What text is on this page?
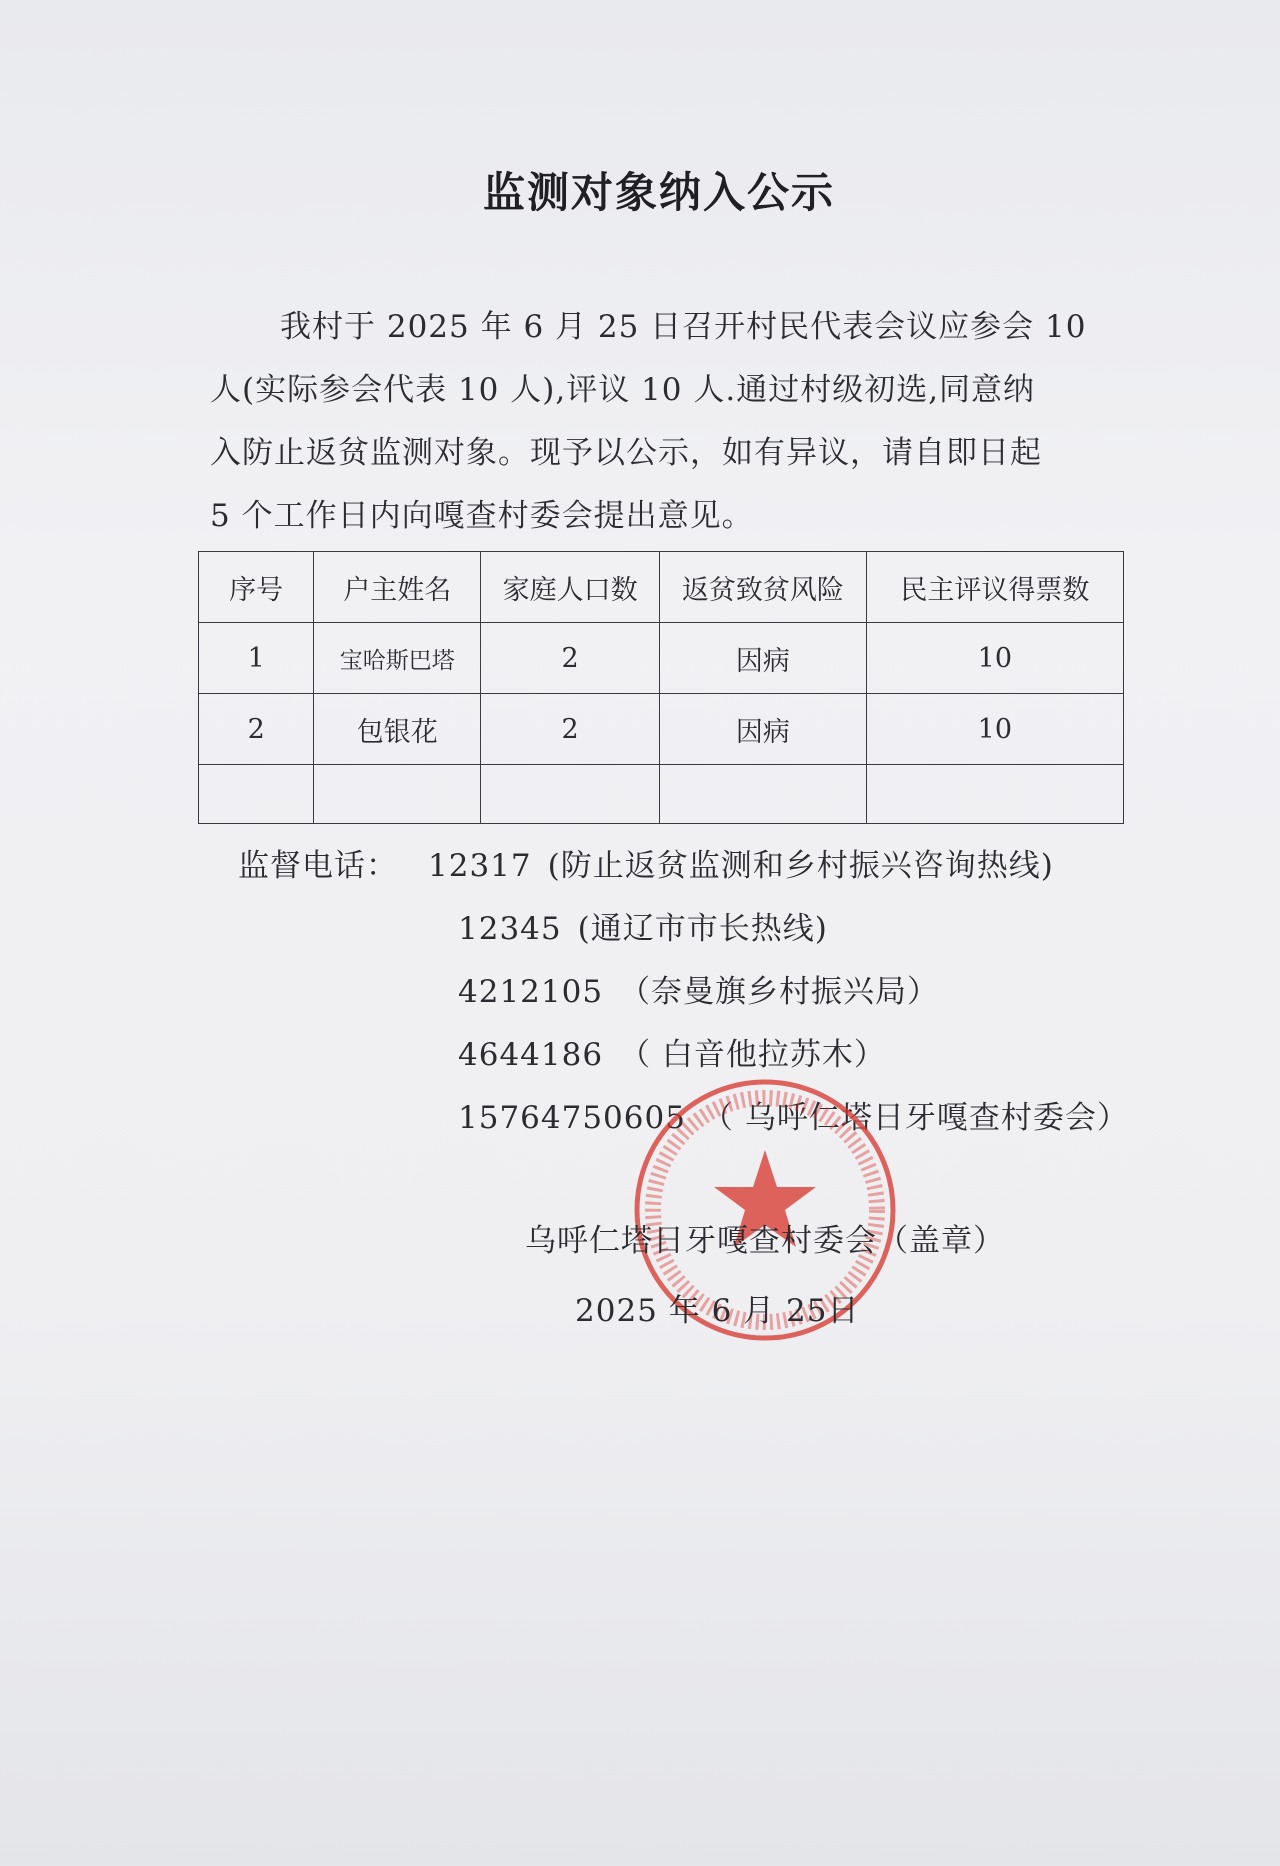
监测对象纳入公示

我村于 2025 年 6 月 25 日召开村民代表会议应参会 10

人(实际参会代表 10 人),评议 10 人.通过村级初选,同意纳

入防止返贫监测对象。现予以公示，如有异议，请自即日起

5 个工作日内向嘎查村委会提出意见。

序号	户主姓名	家庭人口数	返贫致贫风险	民主评议得票数
1	宝哈斯巴塔	2	因病	10
2	包银花	2	因病	10

监督电话： 12317 (防止返贫监测和乡村振兴咨询热线)
12345 (通辽市市长热线)
4212105 （奈曼旗乡村振兴局）
4644186 （ 白音他拉苏木）
15764750605 （ 乌呼仁塔日牙嘎查村委会）
乌呼仁塔日牙嘎查村委会（盖章）
2025 年 6 月 25日
